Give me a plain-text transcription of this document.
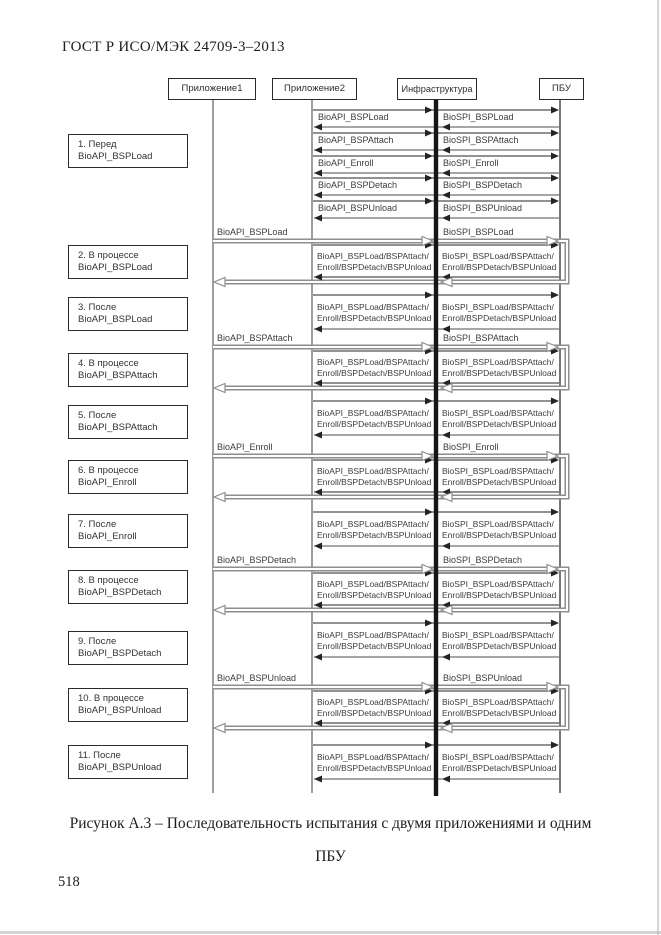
ГОСТ Р ИСО/МЭК 24709-3–2013
Приложение1	Приложение2	Инфраструктура	ПБУ
BioAPI_BSPLoad	BioSPI_BSPLoad
BioAPI_BSPAttach	BioSPI_BSPAttach
BioAPI_Enroll	BioSPI_Enroll
BioAPI_BSPDetach	BioSPI_BSPDetach
BioAPI_BSPUnload	BioSPI_BSPUnload
BioAPI_BSPLoad	BioSPI_BSPLoad
BioAPI_BSPLoad/BSPAttach/
Enroll/BSPDetach/BSPUnload
BioSPI_BSPLoad/BSPAttach/
Enroll/BSPDetach/BSPUnload
BioAPI_BSPLoad/BSPAttach/
Enroll/BSPDetach/BSPUnload
BioSPI_BSPLoad/BSPAttach/
Enroll/BSPDetach/BSPUnload
BioAPI_BSPAttach	BioSPI_BSPAttach
BioAPI_BSPLoad/BSPAttach/
Enroll/BSPDetach/BSPUnload
BioSPI_BSPLoad/BSPAttach/
Enroll/BSPDetach/BSPUnload
BioAPI_BSPLoad/BSPAttach/
Enroll/BSPDetach/BSPUnload
BioSPI_BSPLoad/BSPAttach/
Enroll/BSPDetach/BSPUnload
BioAPI_Enroll	BioSPI_Enroll
BioAPI_BSPLoad/BSPAttach/
Enroll/BSPDetach/BSPUnload
BioSPI_BSPLoad/BSPAttach/
Enroll/BSPDetach/BSPUnload
BioAPI_BSPLoad/BSPAttach/
Enroll/BSPDetach/BSPUnload
BioSPI_BSPLoad/BSPAttach/
Enroll/BSPDetach/BSPUnload
BioAPI_BSPDetach	BioSPI_BSPDetach
BioAPI_BSPLoad/BSPAttach/
Enroll/BSPDetach/BSPUnload
BioSPI_BSPLoad/BSPAttach/
Enroll/BSPDetach/BSPUnload
BioAPI_BSPLoad/BSPAttach/
Enroll/BSPDetach/BSPUnload
BioSPI_BSPLoad/BSPAttach/
Enroll/BSPDetach/BSPUnload
BioAPI_BSPUnload	BioSPI_BSPUnload
BioAPI_BSPLoad/BSPAttach/
Enroll/BSPDetach/BSPUnload
BioSPI_BSPLoad/BSPAttach/
Enroll/BSPDetach/BSPUnload
BioAPI_BSPLoad/BSPAttach/
Enroll/BSPDetach/BSPUnload
BioSPI_BSPLoad/BSPAttach/
Enroll/BSPDetach/BSPUnload
1. Перед
BioAPI_BSPLoad
2. В процессе
BioAPI_BSPLoad
3. После
BioAPI_BSPLoad
4. В процессе
BioAPI_BSPAttach
5. После
BioAPI_BSPAttach
6. В процессе
BioAPI_Enroll
7. После
BioAPI_Enroll
8. В процессе
BioAPI_BSPDetach
9. После
BioAPI_BSPDetach
10. В процессе
BioAPI_BSPUnload
11. После
BioAPI_BSPUnload
Рисунок А.3 – Последовательность испытания с двумя приложениями и одним
ПБУ
518
